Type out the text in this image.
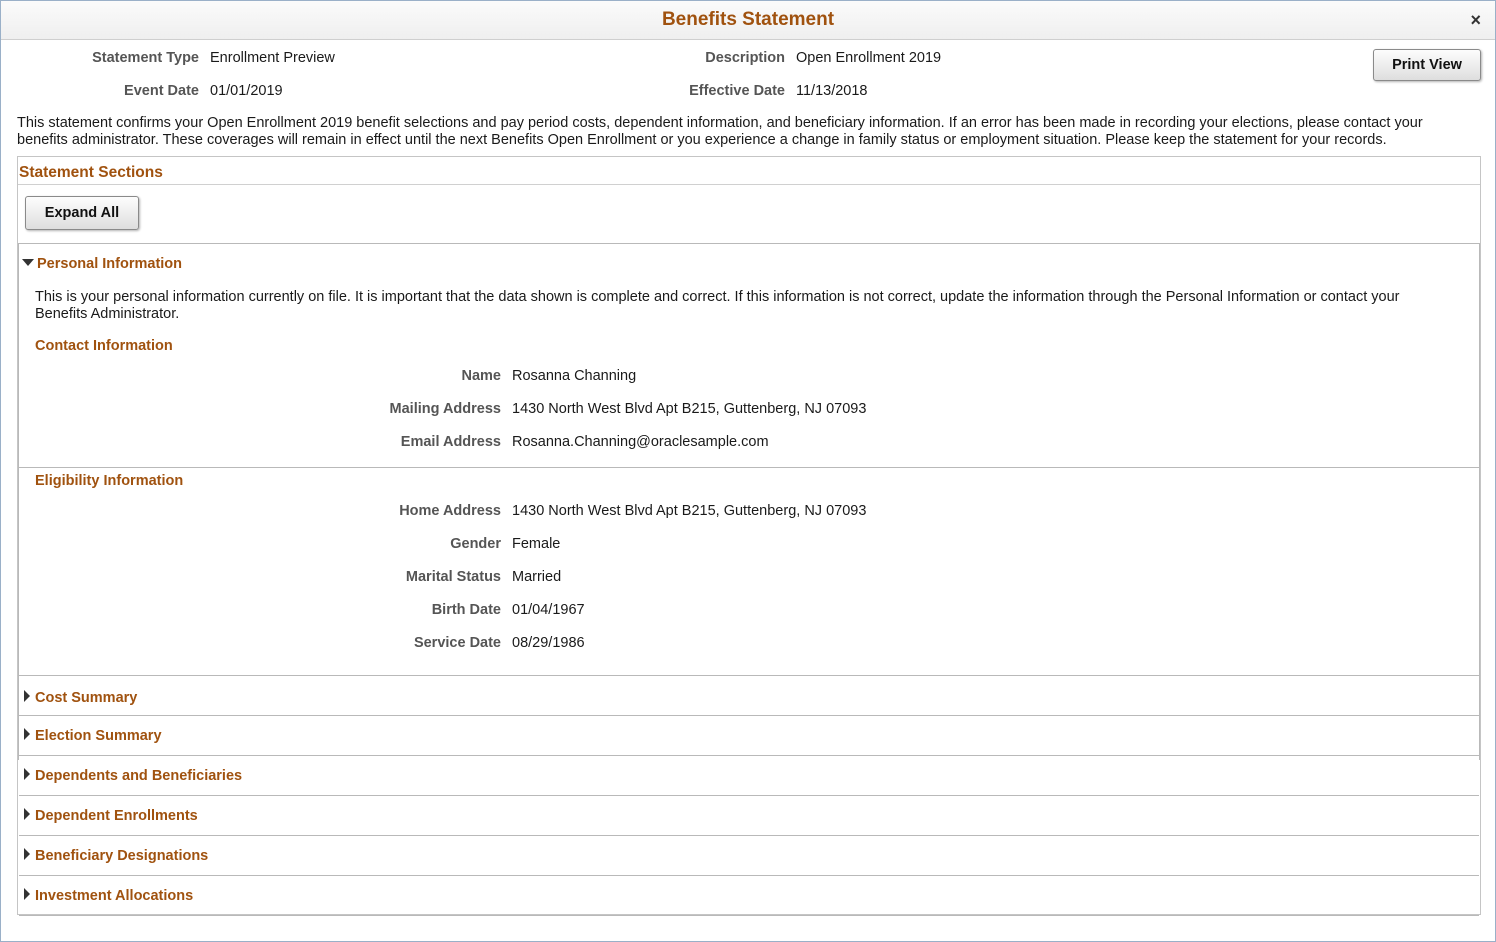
Benefits Statement	×
Statement Type Enrollment Preview
Event Date 01/01/2019
Description Open Enrollment 2019
Effective Date 11/13/2018
Print View
This statement confirms your Open Enrollment 2019 benefit selections and pay period costs, dependent information, and beneficiary information. If an error has been made in recording your elections, please contact your benefits administrator. These coverages will remain in effect until the next Benefits Open Enrollment or you experience a change in family status or employment situation. Please keep the statement for your records.
Statement Sections
Expand All
Personal Information
This is your personal information currently on file. It is important that the data shown is complete and correct. If this information is not correct, update the information through the Personal Information or contact your Benefits Administrator.
Contact Information
Name Rosanna Channing
Mailing Address 1430 North West Blvd Apt B215, Guttenberg, NJ 07093
Email Address Rosanna.Channing@oraclesample.com
Eligibility Information
Home Address 1430 North West Blvd Apt B215, Guttenberg, NJ 07093
Gender Female
Marital Status Married
Birth Date 01/04/1967
Service Date 08/29/1986
Cost Summary
Election Summary
Dependents and Beneficiaries
Dependent Enrollments
Beneficiary Designations
Investment Allocations
